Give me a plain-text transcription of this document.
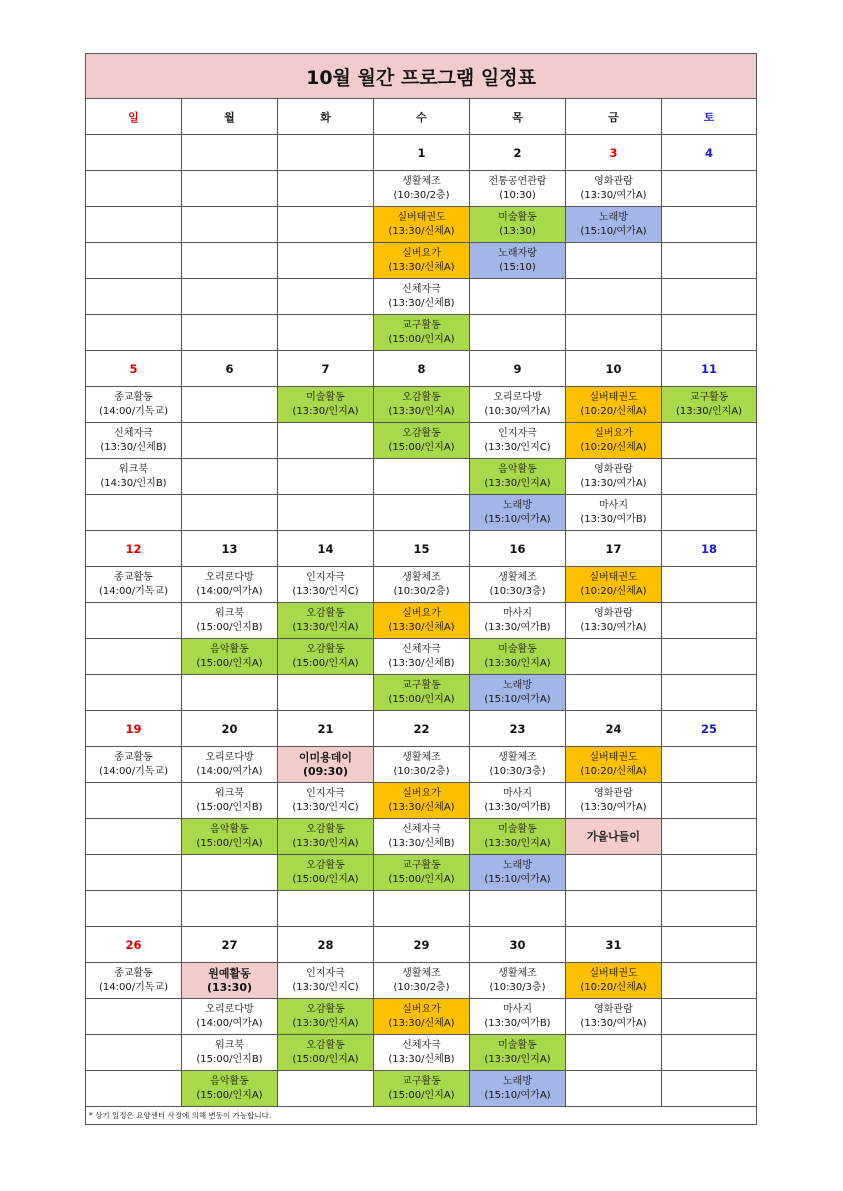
10월 월간 프로그램 일정표						
일	월	화	수	목	금	토
			1	2	3	4

			생활체조
(10:30/2층)	전통공연관람
(10:30)	영화관람
(13:30/여가A)	

			실버태권도
(13:30/신체A)	미술활동
(13:30)	노래방
(15:10/여가A)	

			실버요가
(13:30/신체A)	노래자랑
(15:10)		

			신체자극
(13:30/신체B)			

			교구활동
(15:00/인지A)			

5	6	7	8	9	10	11

종교활동
(14:00/기독교)		미술활동
(13:30/인지A)	오감활동
(13:30/인지A)	오리로다방
(10:30/여가A)	실버태권도
(10:20/신체A)	교구활동
(13:30/인지A)

신체자극
(13:30/신체B)			오감활동
(15:00/인지A)	인지자극
(13:30/인지C)	실버요가
(10:20/신체A)	

워크북
(14:30/인지B)				음악활동
(13:30/인지A)	영화관람
(13:30/여가A)	

				노래방
(15:10/여가A)	마사지
(13:30/여가B)	

12	13	14	15	16	17	18

종교활동
(14:00/기독교)	오리로다방
(14:00/여가A)	인지자극
(13:30/인지C)	생활체조
(10:30/2층)	생활체조
(10:30/3층)	실버태권도
(10:20/신체A)	

	워크북
(15:00/인지B)	오감활동
(13:30/인지A)	실버요가
(13:30/신체A)	마사지
(13:30/여가B)	영화관람
(13:30/여가A)	

	음악활동
(15:00/인지A)	오감활동
(15:00/인지A)	신체자극
(13:30/신체B)	미술활동
(13:30/인지A)		

			교구활동
(15:00/인지A)	노래방
(15:10/여가A)		

19	20	21	22	23	24	25

종교활동
(14:00/기독교)	오리로다방
(14:00/여가A)	이미용데이
(09:30)	생활체조
(10:30/2층)	생활체조
(10:30/3층)	실버태권도
(10:20/신체A)	

	워크북
(15:00/인지B)	인지자극
(13:30/인지C)	실버요가
(13:30/신체A)	마사지
(13:30/여가B)	영화관람
(13:30/여가A)	

	음악활동
(15:00/인지A)	오감활동
(13:30/인지A)	신체자극
(13:30/신체B)	미술활동
(13:30/인지A)	가을나들이	

		오감활동
(15:00/인지A)	교구활동
(15:00/인지A)	노래방
(15:10/여가A)		

26	27	28	29	30	31	

종교활동
(14:00/기독교)	원예활동
(13:30)	인지자극
(13:30/인지C)	생활체조
(10:30/2층)	생활체조
(10:30/3층)	실버태권도
(10:20/신체A)	

	오리로다방
(14:00/여가A)	오감활동
(13:30/인지A)	실버요가
(13:30/신체A)	마사지
(13:30/여가B)	영화관람
(13:30/여가A)	

	워크북
(15:00/인지B)	오감활동
(15:00/인지A)	신체자극
(13:30/신체B)	미술활동
(13:30/인지A)		

	음악활동
(15:00/인지A)		교구활동
(15:00/인지A)	노래방
(15:10/여가A)		

* 상기 일정은 요양센터 사정에 의해 변동이 가능합니다.						
